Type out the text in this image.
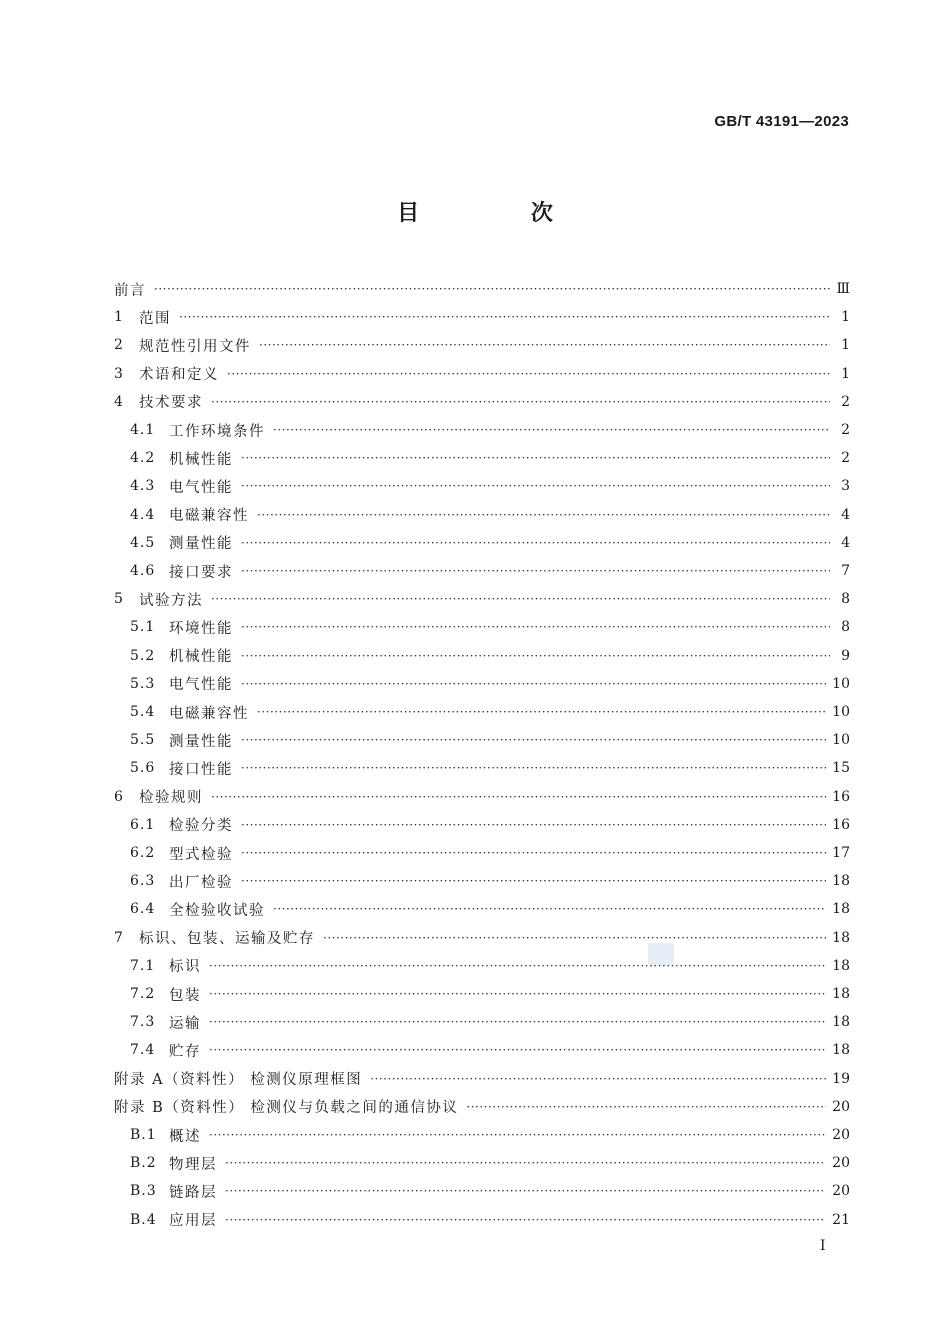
GB/T 43191—2023
目 次
前言 ·····	Ⅲ
1	范围 ·····	1
2	规范性引用文件 ·····	1
3	术语和定义 ·····	1
4	技术要求 ·····	2
4.1 工作环境条件 ·····	2
4.2 机械性能 ·····	2
4.3 电气性能 ·····	3
4.4 电磁兼容性 ·····	4
4.5 测量性能 ·····	4
4.6 接口要求 ·····	7
5	试验方法 ·····	8
5.1 环境性能 ·····	8
5.2 机械性能 ·····	9
5.3 电气性能 ·····	10
5.4 电磁兼容性 ·····	10
5.5 测量性能 ·····	10
5.6 接口性能 ·····	15
6	检验规则 ·····	16
6.1 检验分类 ·····	16
6.2 型式检验 ·····	17
6.3 出厂检验 ·····	18
6.4 全检验收试验 ·····	18
7	标识、包装、运输及贮存 ·····	18
7.1 标识 ·····	18
7.2 包装 ·····	18
7.3 运输 ·····	18
7.4 贮存 ·····	18
附录 A（资料性） 检测仪原理框图 ·····	19
附录 B（资料性） 检测仪与负载之间的通信协议 ·····	20
B.1 概述 ·····	20
B.2 物理层 ·····	20
B.3 链路层 ·····	20
B.4 应用层 ·····	21
I
